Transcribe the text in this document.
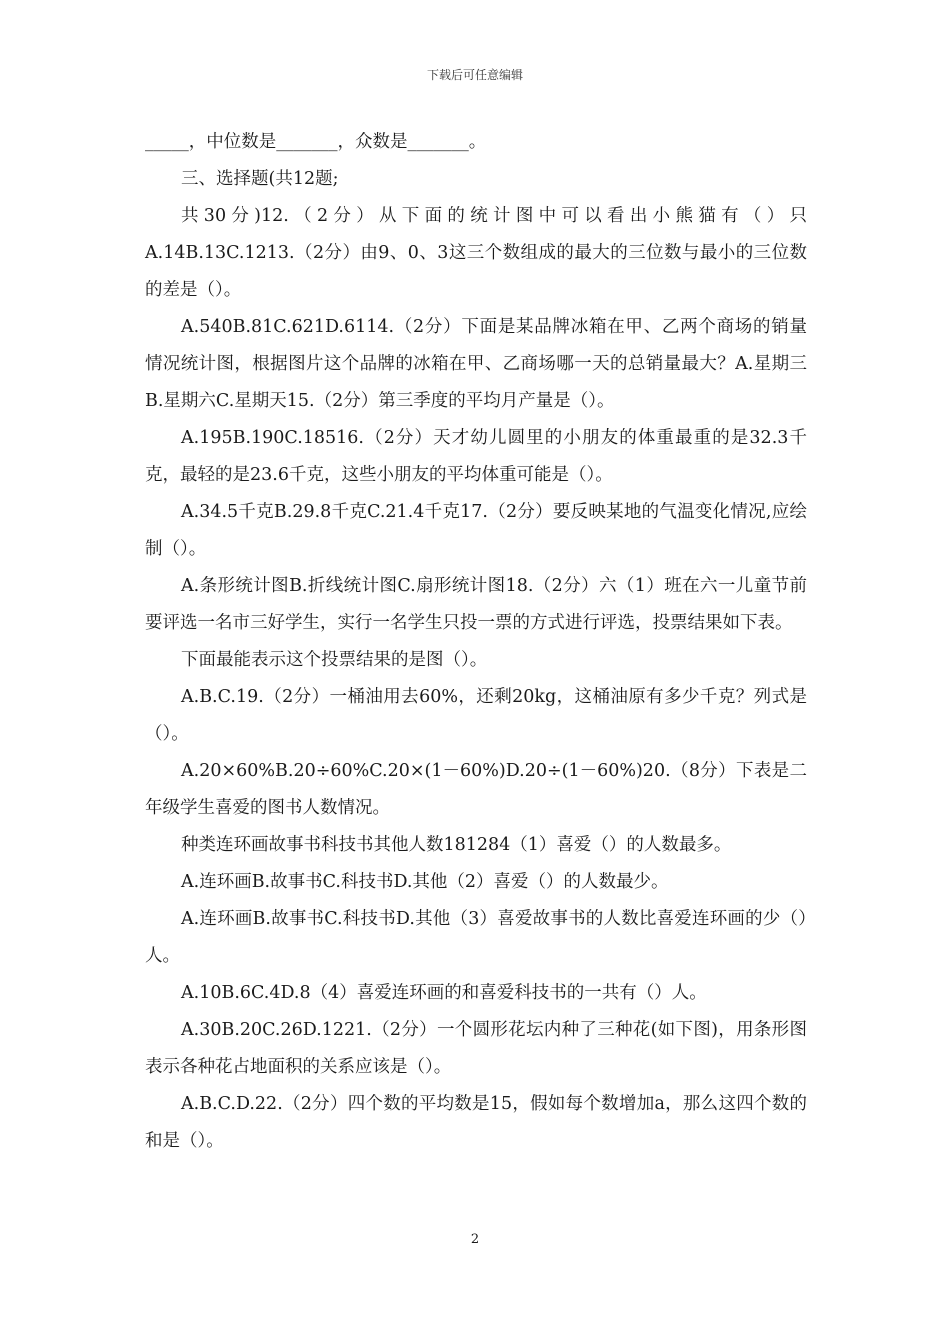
下载后可任意编辑

_____，中位数是_______，众数是_______。

三、选择题(共12题;

共30分)12.（2分）从下面的统计图中可以看出小熊猫有（）只A.14B.13C.1213.（2分）由9、0、3这三个数组成的最大的三位数与最小的三位数的差是（）。

A.540B.81C.621D.6114.（2分）下面是某品牌冰箱在甲、乙两个商场的销量情况统计图，根据图片这个品牌的冰箱在甲、乙商场哪一天的总销量最大？A.星期三B.星期六C.星期天15.（2分）第三季度的平均月产量是（）。

A.195B.190C.18516.（2分）天才幼儿圆里的小朋友的体重最重的是32.3千克，最轻的是23.6千克，这些小朋友的平均体重可能是（）。

A.34.5千克B.29.8千克C.21.4千克17.（2分）要反映某地的气温变化情况,应绘制（）。

A.条形统计图B.折线统计图C.扇形统计图18.（2分）六（1）班在六一儿童节前要评选一名市三好学生，实行一名学生只投一票的方式进行评选，投票结果如下表。

下面最能表示这个投票结果的是图（）。

A.B.C.19.（2分）一桶油用去60%，还剩20kg，这桶油原有多少千克？列式是（）。

A.20×60%B.20÷60%C.20×(1－60%)D.20÷(1－60%)20.（8分）下表是二年级学生喜爱的图书人数情况。

种类连环画故事书科技书其他人数181284（1）喜爱（）的人数最多。

A.连环画B.故事书C.科技书D.其他（2）喜爱（）的人数最少。

A.连环画B.故事书C.科技书D.其他（3）喜爱故事书的人数比喜爱连环画的少（）人。

A.10B.6C.4D.8（4）喜爱连环画的和喜爱科技书的一共有（）人。

A.30B.20C.26D.1221.（2分）一个圆形花坛内种了三种花(如下图)，用条形图表示各种花占地面积的关系应该是（）。

A.B.C.D.22.（2分）四个数的平均数是15，假如每个数增加a，那么这四个数的和是（）。

2
